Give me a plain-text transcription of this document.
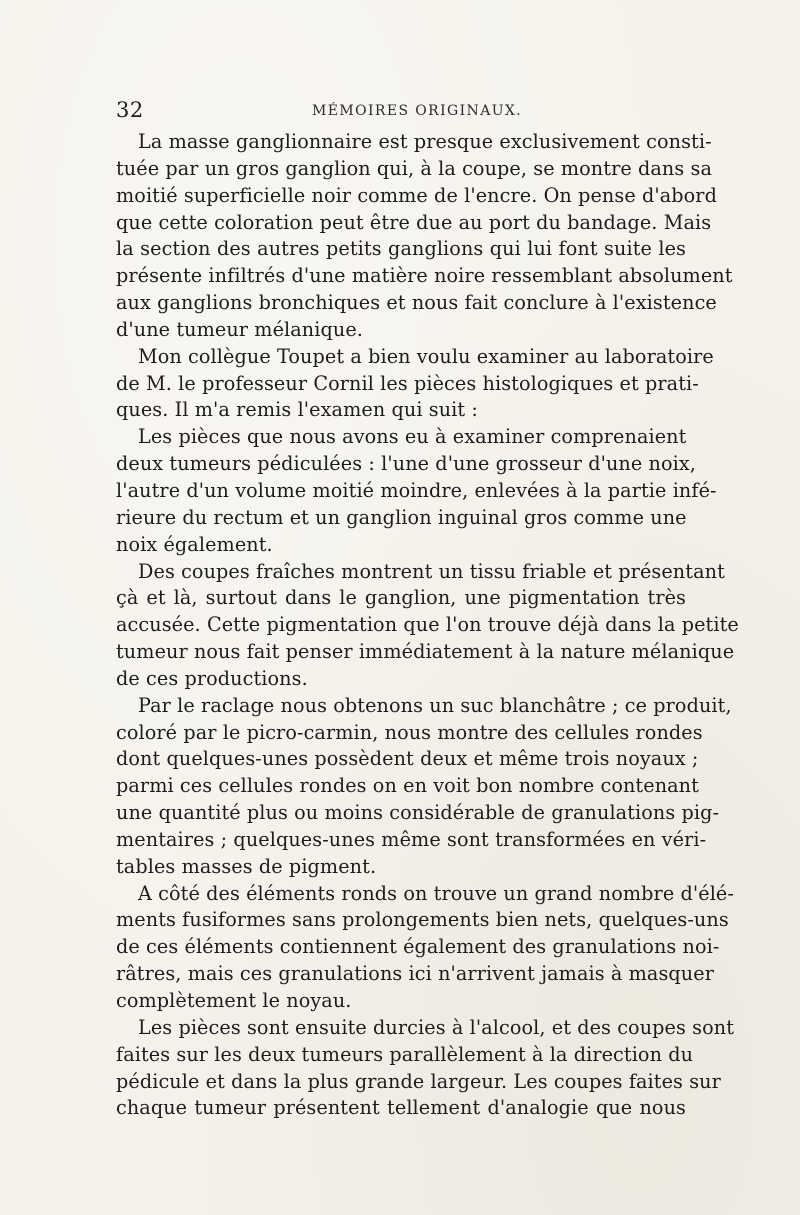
32	MÉMOIRES ORIGINAUX.
La masse ganglionnaire est presque exclusivement consti-
tuée par un gros ganglion qui, à la coupe, se montre dans sa
moitié superficielle noir comme de l'encre. On pense d'abord
que cette coloration peut être due au port du bandage. Mais
la section des autres petits ganglions qui lui font suite les
présente infiltrés d'une matière noire ressemblant absolument
aux ganglions bronchiques et nous fait conclure à l'existence
d'une tumeur mélanique.
Mon collègue Toupet a bien voulu examiner au laboratoire
de M. le professeur Cornil les pièces histologiques et prati-
ques. Il m'a remis l'examen qui suit :
Les pièces que nous avons eu à examiner comprenaient
deux tumeurs pédiculées : l'une d'une grosseur d'une noix,
l'autre d'un volume moitié moindre, enlevées à la partie infé-
rieure du rectum et un ganglion inguinal gros comme une
noix également.
Des coupes fraîches montrent un tissu friable et présentant
çà et là, surtout dans le ganglion, une pigmentation très
accusée. Cette pigmentation que l'on trouve déjà dans la petite
tumeur nous fait penser immédiatement à la nature mélanique
de ces productions.
Par le raclage nous obtenons un suc blanchâtre ; ce produit,
coloré par le picro-carmin, nous montre des cellules rondes
dont quelques-unes possèdent deux et même trois noyaux ;
parmi ces cellules rondes on en voit bon nombre contenant
une quantité plus ou moins considérable de granulations pig-
mentaires ; quelques-unes même sont transformées en véri-
tables masses de pigment.
A côté des éléments ronds on trouve un grand nombre d'élé-
ments fusiformes sans prolongements bien nets, quelques-uns
de ces éléments contiennent également des granulations noi-
râtres, mais ces granulations ici n'arrivent jamais à masquer
complètement le noyau.
Les pièces sont ensuite durcies à l'alcool, et des coupes sont
faites sur les deux tumeurs parallèlement à la direction du
pédicule et dans la plus grande largeur. Les coupes faites sur
chaque tumeur présentent tellement d'analogie que nous
